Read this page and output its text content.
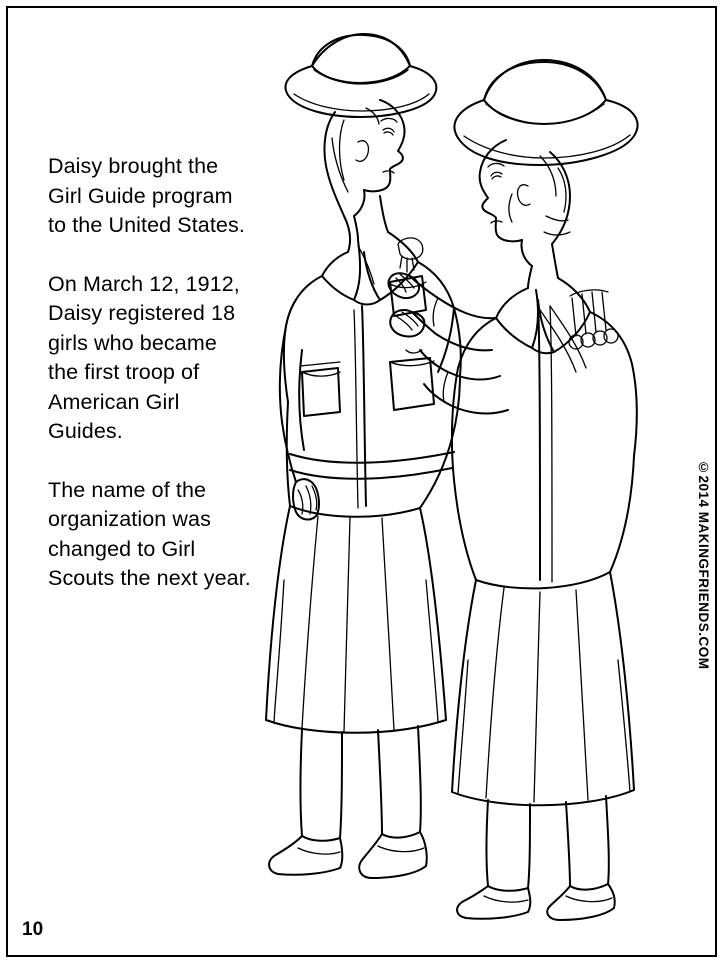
Daisy brought the Girl Guide program to the United States.

On March 12, 1912, Daisy registered 18 girls who became the first troop of American Girl Guides.

The name of the organization was changed to Girl Scouts the next year.	©2014 MAKINGFRIENDS.COM
10
